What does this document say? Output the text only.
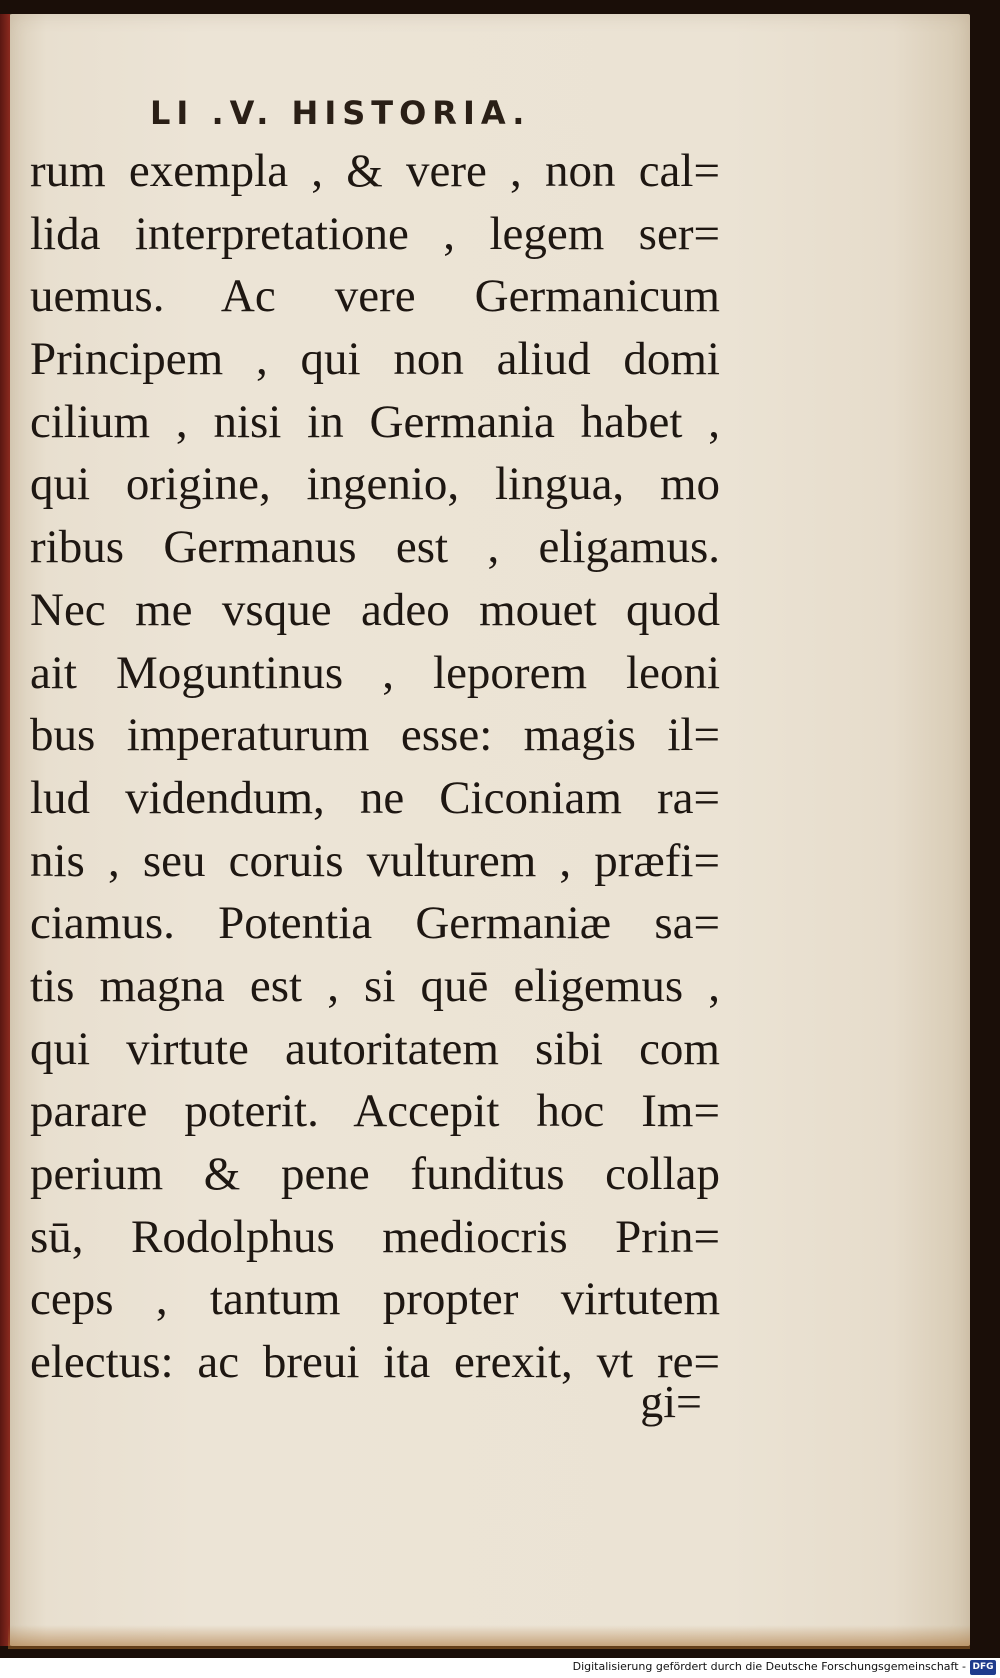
LI .V. HISTORIA.
rum exempla , & vere , non cal=
lida interpretatione , legem ser=
uemus. Ac vere Germanicum
Principem , qui non aliud domi
cilium , nisi in Germania habet ,
qui origine, ingenio, lingua, mo
ribus Germanus est , eligamus.
Nec me vsque adeo mouet quod
ait Moguntinus , leporem leoni
bus imperaturum esse: magis il=
lud videndum, ne Ciconiam ra=
nis , seu coruis vulturem , præfi=
ciamus. Potentia Germaniæ sa=
tis magna est , si quē eligemus ,
qui virtute autoritatem sibi com
parare poterit. Accepit hoc Im=
perium & pene funditus collap
sū, Rodolphus mediocris Prin=
ceps , tantum propter virtutem
electus: ac breui ita erexit, vt re=
gi=
Digitalisierung gefördert durch die Deutsche Forschungsgemeinschaft - DFG
